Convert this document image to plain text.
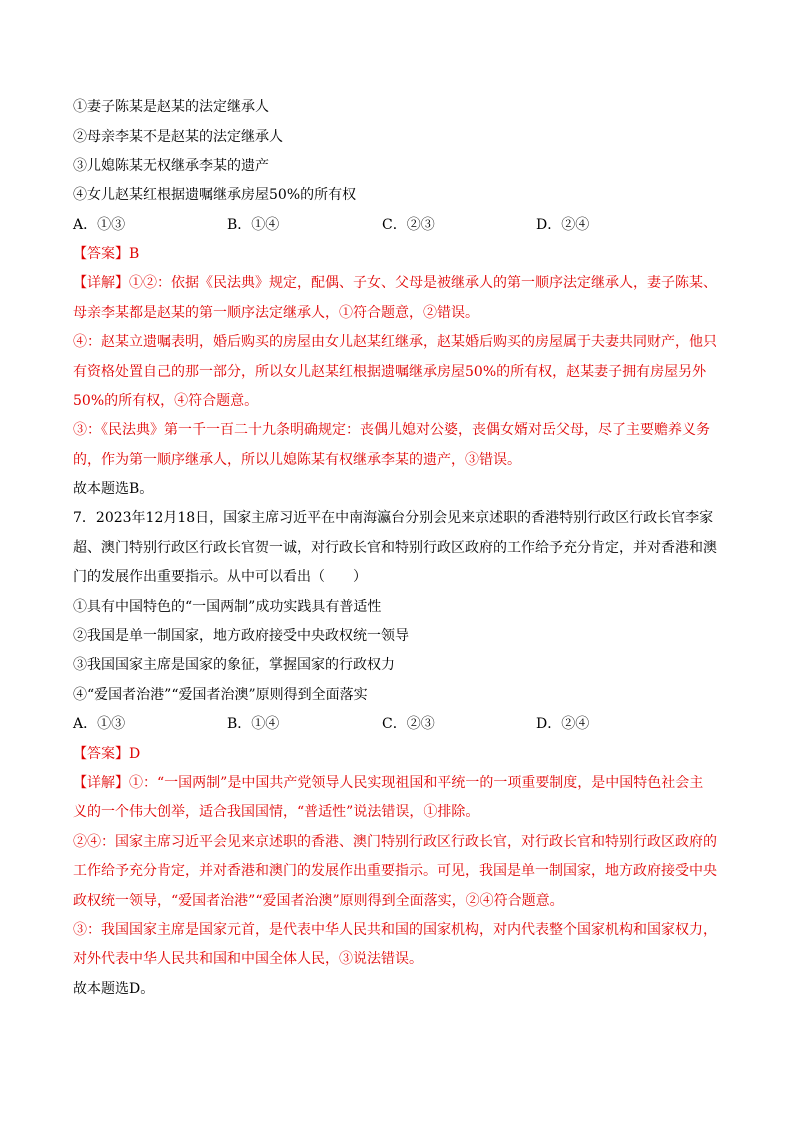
①妻子陈某是赵某的法定继承人
②母亲李某不是赵某的法定继承人
③儿媳陈某无权继承李某的遗产
④女儿赵某红根据遗嘱继承房屋50%的所有权
A．①③	B．①④	C．②③	D．②④
【答案】B
【详解】①②：依据《民法典》规定，配偶、子女、父母是被继承人的第一顺序法定继承人，妻子陈某、
母亲李某都是赵某的第一顺序法定继承人，①符合题意，②错误。
④：赵某立遗嘱表明，婚后购买的房屋由女儿赵某红继承，赵某婚后购买的房屋属于夫妻共同财产，他只
有资格处置自己的那一部分，所以女儿赵某红根据遗嘱继承房屋50%的所有权，赵某妻子拥有房屋另外
50%的所有权，④符合题意。
③：《民法典》第一千一百二十九条明确规定：丧偶儿媳对公婆，丧偶女婿对岳父母，尽了主要赡养义务
的，作为第一顺序继承人，所以儿媳陈某有权继承李某的遗产，③错误。
故本题选B。
7．2023年12月18日，国家主席习近平在中南海瀛台分别会见来京述职的香港特别行政区行政长官李家
超、澳门特别行政区行政长官贺一诚，对行政长官和特别行政区政府的工作给予充分肯定，并对香港和澳
门的发展作出重要指示。从中可以看出（　　）
①具有中国特色的“一国两制”成功实践具有普适性
②我国是单一制国家，地方政府接受中央政权统一领导
③我国国家主席是国家的象征，掌握国家的行政权力
④“爱国者治港”“爱国者治澳”原则得到全面落实
A．①③	B．①④	C．②③	D．②④
【答案】D
【详解】①：“一国两制”是中国共产党领导人民实现祖国和平统一的一项重要制度，是中国特色社会主
义的一个伟大创举，适合我国国情，“普适性”说法错误，①排除。
②④：国家主席习近平会见来京述职的香港、澳门特别行政区行政长官，对行政长官和特别行政区政府的
工作给予充分肯定，并对香港和澳门的发展作出重要指示。可见，我国是单一制国家，地方政府接受中央
政权统一领导，“爱国者治港”“爱国者治澳”原则得到全面落实，②④符合题意。
③：我国国家主席是国家元首，是代表中华人民共和国的国家机构，对内代表整个国家机构和国家权力，
对外代表中华人民共和国和中国全体人民，③说法错误。
故本题选D。
